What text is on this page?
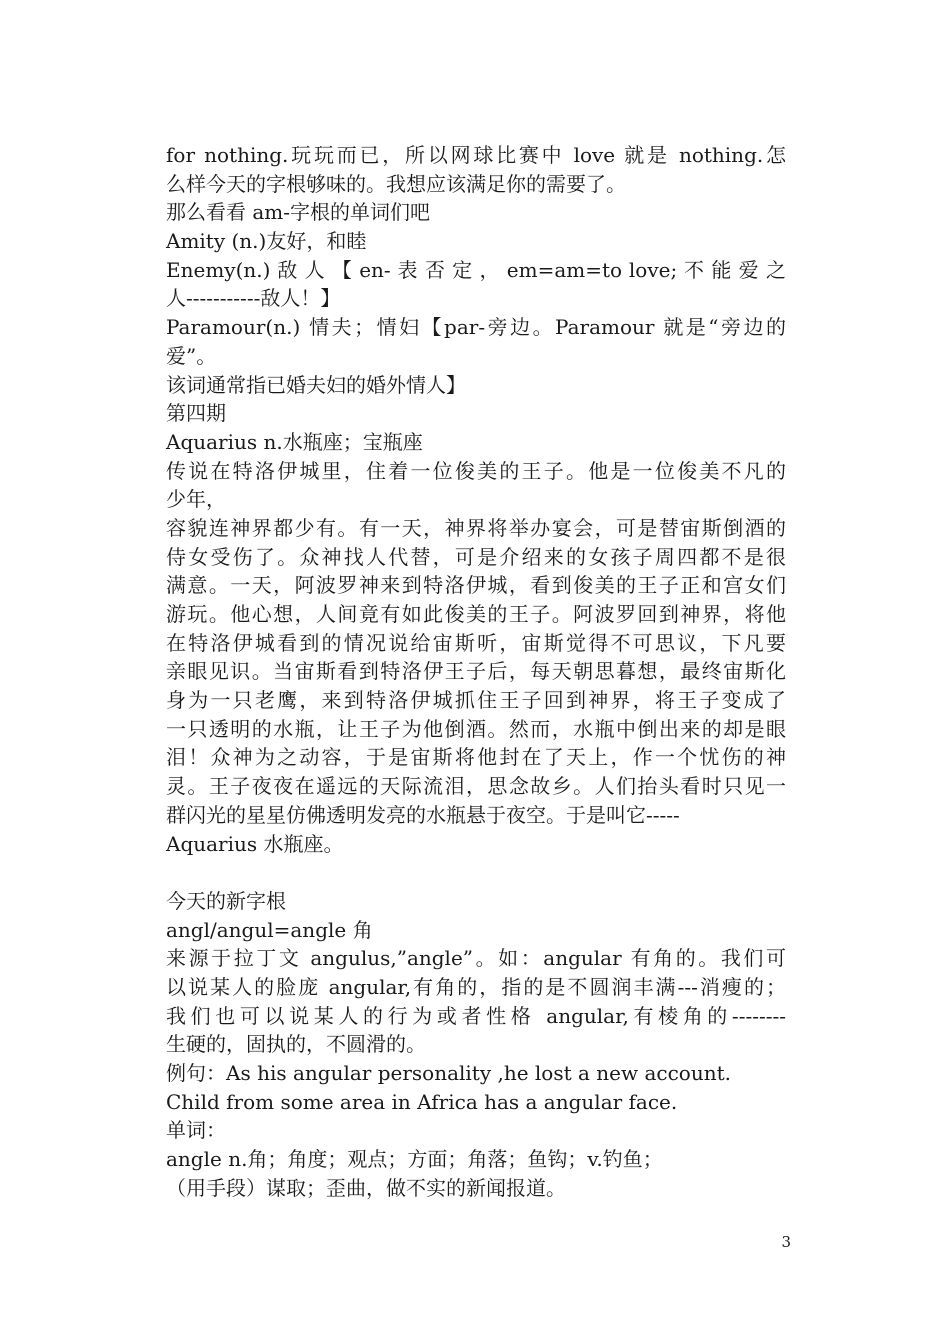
for nothing.玩玩而已，所以网球比赛中 love 就是 nothing.怎
么样今天的字根够味的。我想应该满足你的需要了。
那么看看 am-字根的单词们吧
Amity (n.)友好，和睦
Enemy(n.) 敌 人 【 en- 表 否 定 ， em=am=to love; 不 能 爱 之
人-----------敌人！】
Paramour(n.) 情夫；情妇【par-旁边。Paramour 就是“旁边的
爱”。
该词通常指已婚夫妇的婚外情人】
第四期
Aquarius n.水瓶座；宝瓶座
传说在特洛伊城里，住着一位俊美的王子。他是一位俊美不凡的
少年，
容貌连神界都少有。有一天，神界将举办宴会，可是替宙斯倒酒的
侍女受伤了。众神找人代替，可是介绍来的女孩子周四都不是很
满意。一天，阿波罗神来到特洛伊城，看到俊美的王子正和宫女们
游玩。他心想，人间竟有如此俊美的王子。阿波罗回到神界，将他
在特洛伊城看到的情况说给宙斯听，宙斯觉得不可思议，下凡要
亲眼见识。当宙斯看到特洛伊王子后，每天朝思暮想，最终宙斯化
身为一只老鹰，来到特洛伊城抓住王子回到神界，将王子变成了
一只透明的水瓶，让王子为他倒酒。然而，水瓶中倒出来的却是眼
泪！众神为之动容，于是宙斯将他封在了天上，作一个忧伤的神
灵。王子夜夜在遥远的天际流泪，思念故乡。人们抬头看时只见一
群闪光的星星仿佛透明发亮的水瓶悬于夜空。于是叫它-----
Aquarius 水瓶座。
今天的新字根
angl/angul=angle 角
来源于拉丁文 angulus,”angle”。如：angular 有角的。我们可
以说某人的脸庞 angular,有角的，指的是不圆润丰满---消瘦的；
我们也可以说某人的行为或者性格 angular,有棱角的--------
生硬的，固执的，不圆滑的。
例句：As his angular personality ,he lost a new account.
Child from some area in Africa has a angular face.
单词：
angle n.角；角度；观点；方面；角落；鱼钩；v.钓鱼；
（用手段）谋取；歪曲，做不实的新闻报道。
3
